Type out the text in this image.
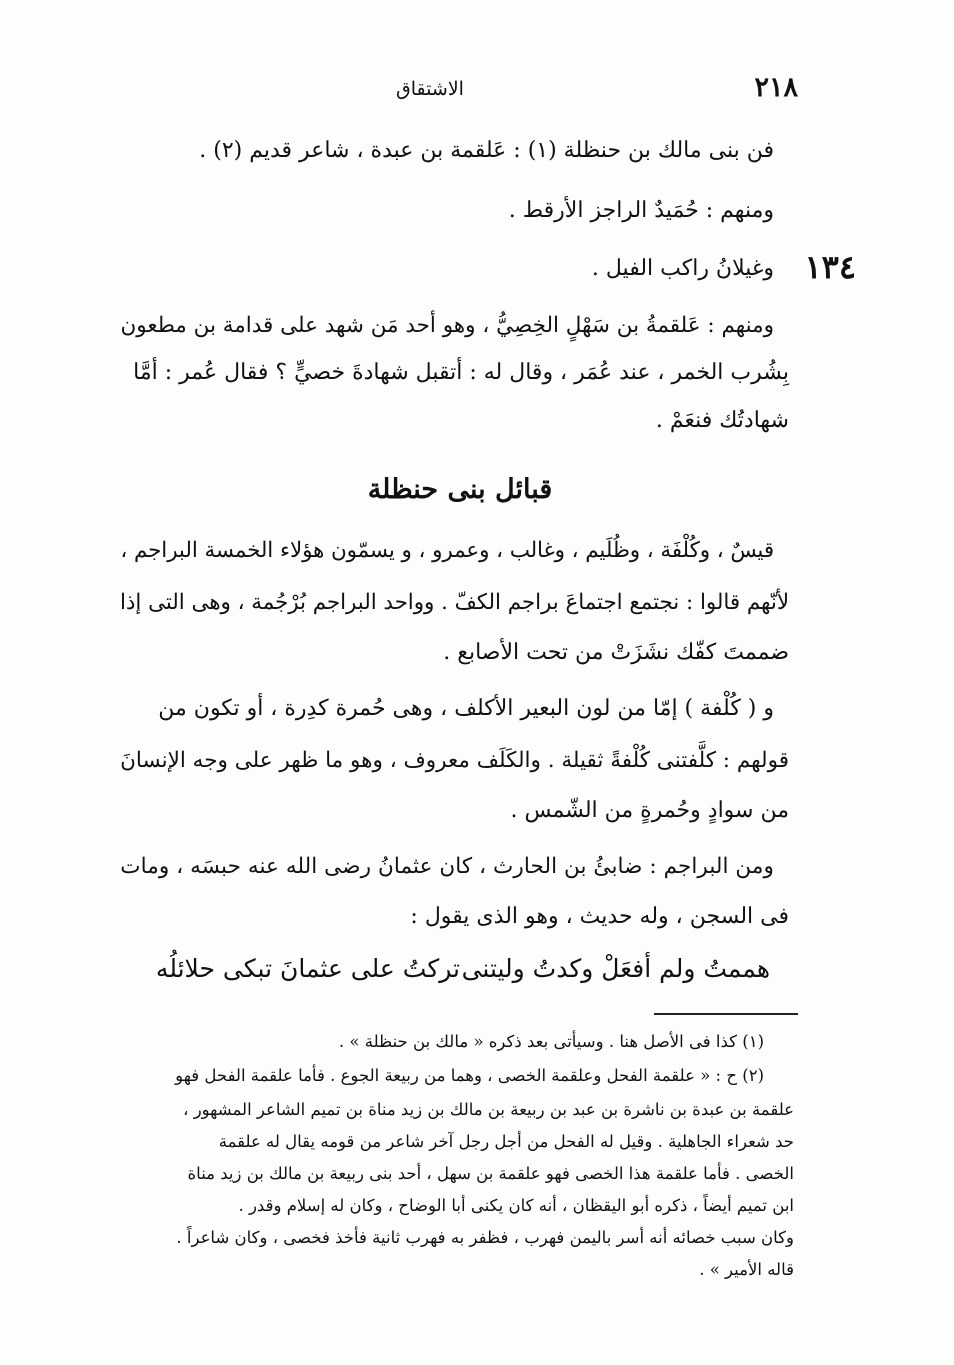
٢١٨
الاشتقاق
١٣٤
فن بنى مالك بن حنظلة (١) : عَلقمة بن عبدة ، شاعر قديم (٢) .
ومنهم : حُمَيدٌ الراجز الأرقط .
وغيلانُ راكب الفيل .
ومنهم : عَلقمةُ بن سَهْلٍ الخِصِيُّ ، وهو أحد مَن شهد على قدامة بن مطعون
بِشُرب الخمر ، عند عُمَر ، وقال له : أتقبل شهادةَ خصيٍّ ؟ فقال عُمر : أمَّا
شهادتُك فنعَمْ .
قبائل بنى حنظلة
قيسٌ ، وكُلْفَة ، وظُلَيم ، وغالب ، وعمرو ، و يسمّون هؤلاء الخمسة البراجم ،
لأنّهم قالوا : نجتمع اجتماعَ براجم الكفّ . وواحد البراجم بُرْجُمة ، وهى التى إذا
ضممتَ كفّك نشَزَتْ من تحت الأصابع .
و ( كُلْفة ) إمّا من لون البعير الأكلف ، وهى حُمرة كدِرة ، أو تكون من
قولهم : كلَّفتنى كُلْفةً ثقيلة . والكَلَف معروف ، وهو ما ظهر على وجه الإنسانَ
من سوادٍ وحُمرةٍ من الشّمس .
ومن البراجم : ضابئُ بن الحارث ، كان عثمانُ رضى الله عنه حبسَه ، ومات
فى السجن ، وله حديث ، وهو الذى يقول :
هممتُ ولم أفعَلْ وكدتُ وليتنى
تركتُ على عثمانَ تبكى حلائلُه
(١) كذا فى الأصل هنا . وسيأتى بعد ذكره « مالك بن حنظلة » .
(٢) ح : « علقمة الفحل وعلقمة الخصى ، وهما من ربيعة الجوع . فأما علقمة الفحل فهو
علقمة بن عبدة بن ناشرة بن عبد بن ربيعة بن مالك بن زيد مناة بن تميم الشاعر المشهور ،
حد شعراء الجاهلية . وقيل له الفحل من أجل رجل آخر شاعر من قومه يقال له علقمة
الخصى . فأما علقمة هذا الخصى فهو علقمة بن سهل ، أحد بنى ربيعة بن مالك بن زيد مناة
ابن تميم أيضاً ، ذكره أبو اليقظان ، أنه كان يكنى أبا الوضاح ، وكان له إسلام وقدر .
وكان سبب خصائه أنه أسر باليمن فهرب ، فظفر به فهرب ثانية فأخذ فخصى ، وكان شاعراً .
قاله الأمير » .
